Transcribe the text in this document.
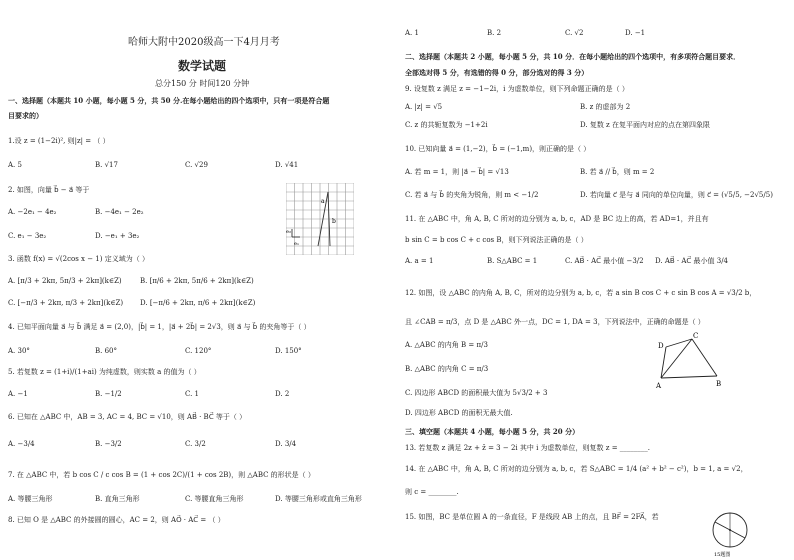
哈师大附中2020级高一下4月月考
数学试题
总分150 分 时间120 分钟
一、选择题（本题共 10 小题，每小题 5 分，共 50 分.在每小题给出的四个选项中，只有一项是符合题
目要求的）
1.设 z = (1−2i)², 则|z| = （ ）
A. 5	B. √17	C. √29	D. √41
2. 如图，向量 b⃗ − a⃗ 等于
A. −2e₁ − 4e₂	B. −4e₁ − 2e₂
C. e₁ − 3e₂	D. −e₁ + 3e₂
a
b
e₁
e₂
3. 函数 f(x) = √(2cos x − 1) 定义域为（ ）
A. [π/3 + 2kπ, 5π/3 + 2kπ](k∈Z)	B. [π/6 + 2kπ, 5π/6 + 2kπ](k∈Z)
C. [−π/3 + 2kπ, π/3 + 2kπ](k∈Z) D. [−π/6 + 2kπ, π/6 + 2kπ](k∈Z)
4. 已知平面向量 a⃗ 与 b⃗ 满足 a⃗ = (2,0)，|b⃗| = 1，|a⃗ + 2b⃗| = 2√3，则 a⃗ 与 b⃗ 的夹角等于（ ）
A. 30°	B. 60°	C. 120°	D. 150°
5. 若复数 z = (1+i)/(1+ai) 为纯虚数，则实数 a 的值为（ ）
A. −1	B. −1/2	C. 1	D. 2
6. 已知在 △ABC 中，AB = 3, AC = 4, BC = √10，则 AB⃗ · BC⃗ 等于（ ）
A. −3/4	B. −3/2	C. 3/2	D. 3/4
7. 在 △ABC 中，若 b cos C / c cos B = (1 + cos 2C)/(1 + cos 2B)，则 △ABC 的形状是（ ）
A. 等腰三角形	B. 直角三角形	C. 等腰直角三角形	D. 等腰三角形或直角三角形
8. 已知 O 是 △ABC 的外接圆的圆心，AC = 2，则 AO⃗ · AC⃗ = （ ）
A. 1	B. 2	C. √2	D. −1
二、选择题（本题共 2 小题，每小题 5 分，共 10 分．在每小题给出的四个选项中，有多项符合题目要求．
全部选对得 5 分，有选错的得 0 分，部分选对的得 3 分）
9. 设复数 z 满足 z = −1−2i，i 为虚数单位，则下列命题正确的是（ ）
A. |z| = √5	B. z 的虚部为 2
C. z 的共轭复数为 −1+2i	D. 复数 z 在复平面内对应的点在第四象限
10. 已知向量 a⃗ = (1,−2)，b⃗ = (−1,m)，则正确的是（ ）
A. 若 m = 1，则 |a⃗ − b⃗| = √13	B. 若 a⃗ // b⃗，则 m = 2
C. 若 a⃗ 与 b⃗ 的夹角为锐角，则 m < −1/2	D. 若向量 c⃗ 是与 a⃗ 同向的单位向量，则 c⃗ = (√5/5, −2√5/5)
11. 在 △ABC 中，角 A, B, C 所对的边分别为 a, b, c，AD 是 BC 边上的高，若 AD=1，并且有
b sin C = b cos C + c cos B，则下列说法正确的是（ ）
A. a = 1	B. S△ABC = 1	C. AB⃗ · AC⃗ 最小值 −3/2 D. AB⃗ · AC⃗ 最小值 3/4
12. 如图，设 △ABC 的内角 A, B, C，所对的边分别为 a, b, c，若 a sin B cos C + c sin B cos A = √3/2 b，
且 ∠CAB = π/3，点 D 是 △ABC 外一点，DC = 1, DA = 3，下列说法中，正确的命题是（ ）
A. △ABC 的内角 B = π/3
B. △ABC 的内角 C = π/3
C. 四边形 ABCD 的面积最大值为 5√3/2 + 3
D. 四边形 ABCD 的面积无最大值.
A	B
C
D
三、填空题（本题共 4 小题，每小题 5 分，共 20 分）
13. 若复数 z 满足 2z + z̄ = 3 − 2i 其中 i 为虚数单位，则复数 z = ________.
14. 在 △ABC 中，角 A, B, C 所对的边分别为 a, b, c，若 S△ABC = 1/4 (a² + b² − c²)，b = 1, a = √2，
则 c = ________.
15. 如图，BC 是单位圆 A 的一条直径，F 是线段 AB 上的点，且 BF⃗ = 2FA⃗，若
15题图
